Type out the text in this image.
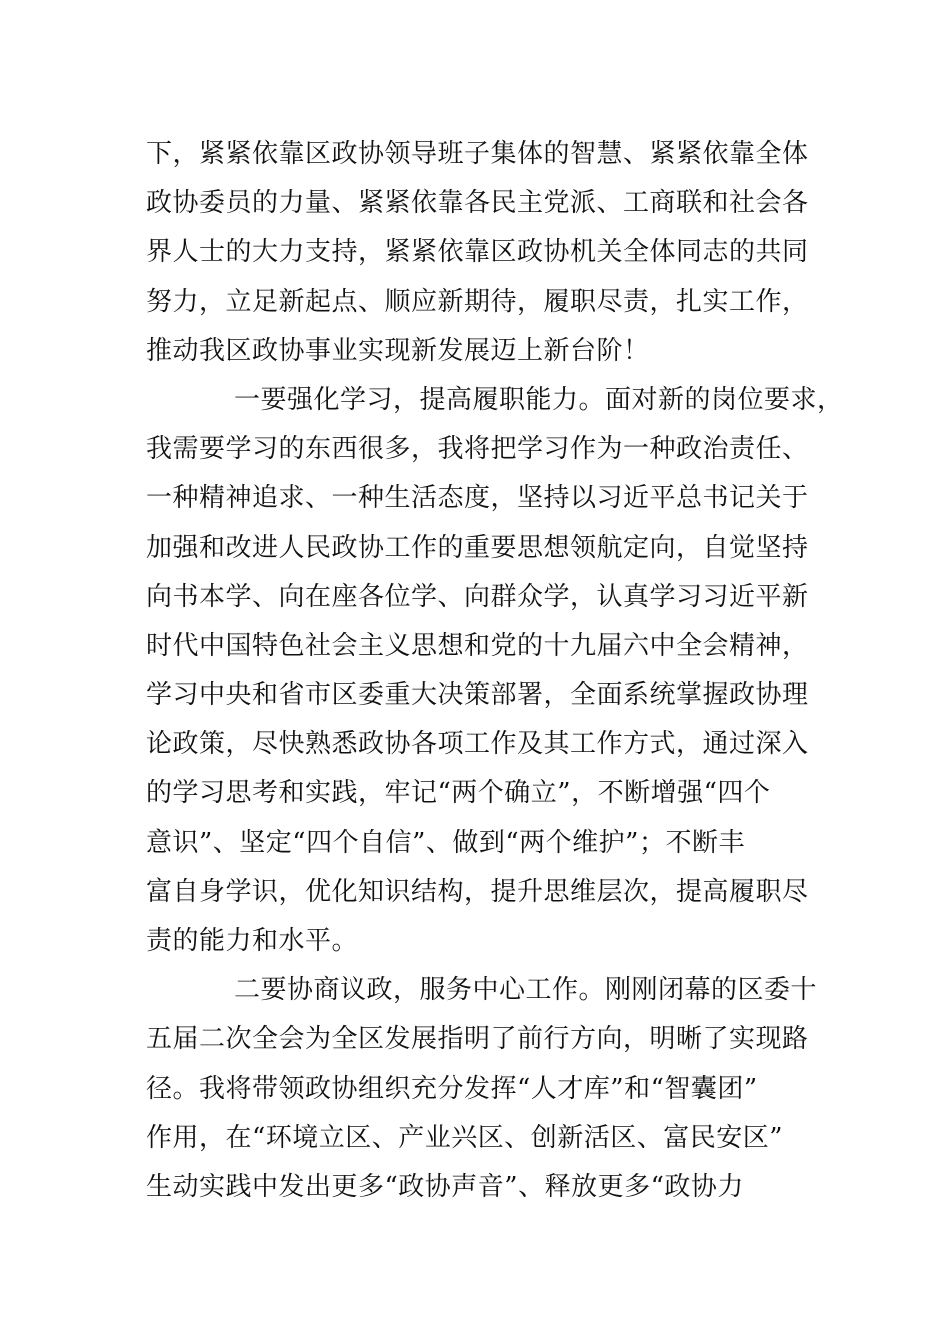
下，紧紧依靠区政协领导班子集体的智慧、紧紧依靠全体
政协委员的力量、紧紧依靠各民主党派、工商联和社会各
界人士的大力支持，紧紧依靠区政协机关全体同志的共同
努力，立足新起点、顺应新期待，履职尽责，扎实工作，
推动我区政协事业实现新发展迈上新台阶！
一要强化学习，提高履职能力。面对新的岗位要求，
我需要学习的东西很多，我将把学习作为一种政治责任、
一种精神追求、一种生活态度，坚持以习近平总书记关于
加强和改进人民政协工作的重要思想领航定向，自觉坚持
向书本学、向在座各位学、向群众学，认真学习习近平新
时代中国特色社会主义思想和党的十九届六中全会精神，
学习中央和省市区委重大决策部署，全面系统掌握政协理
论政策，尽快熟悉政协各项工作及其工作方式，通过深入
的学习思考和实践，牢记“两个确立”，不断增强“四个
意识”、坚定“四个自信”、做到“两个维护”；不断丰
富自身学识，优化知识结构，提升思维层次，提高履职尽
责的能力和水平。
二要协商议政，服务中心工作。刚刚闭幕的区委十
五届二次全会为全区发展指明了前行方向，明晰了实现路
径。我将带领政协组织充分发挥“人才库”和“智囊团”
作用，在“环境立区、产业兴区、创新活区、富民安区”
生动实践中发出更多“政协声音”、释放更多“政协力
